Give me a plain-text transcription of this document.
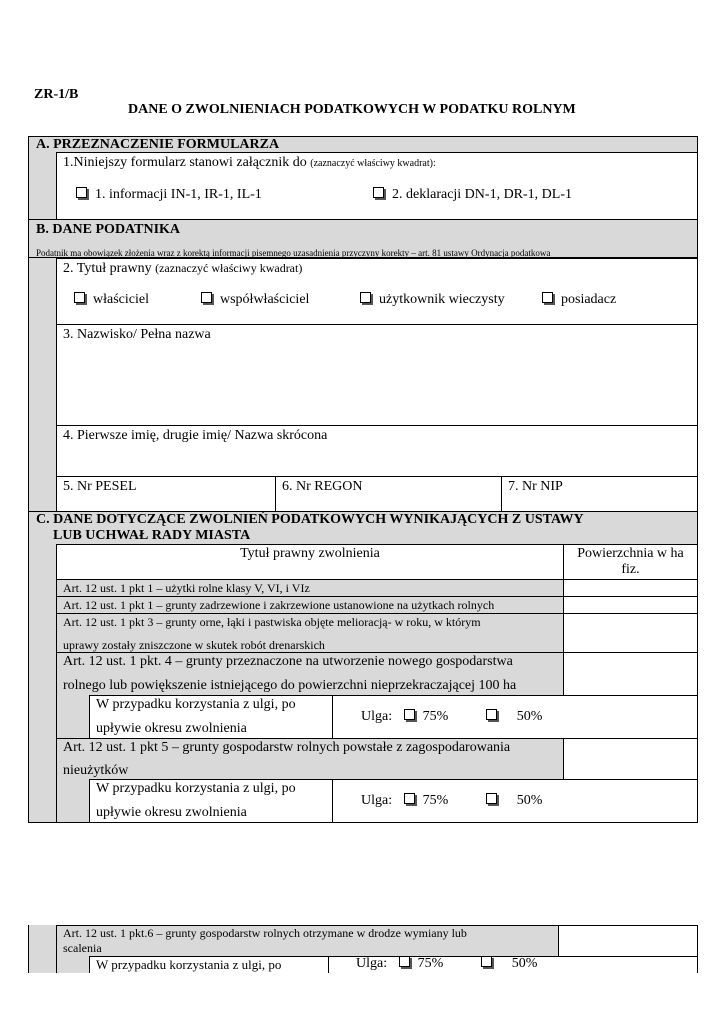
ZR-1/B
DANE O ZWOLNIENIACH PODATKOWYCH W PODATKU ROLNYM
A. PRZEZNACZENIE FORMULARZA
1.Niniejszy formularz stanowi załącznik do (zaznaczyć właściwy kwadrat):
1. informacji IN-1, IR-1, IL-1	2. deklaracji DN-1, DR-1, DL-1
B. DANE PODATNIKA
Podatnik ma obowiązek złożenia wraz z korektą informacji pisemnego uzasadnienia przyczyny korekty – art. 81 ustawy Ordynacja podatkowa
2. Tytuł prawny (zaznaczyć właściwy kwadrat)
właściciel	współwłaściciel	użytkownik wieczysty	posiadacz
3. Nazwisko/ Pełna nazwa
4. Pierwsze imię, drugie imię/ Nazwa skrócona
5. Nr PESEL	6. Nr REGON	7. Nr NIP
C. DANE DOTYCZĄCE ZWOLNIEŃ PODATKOWYCH WYNIKAJĄCYCH Z USTAWY
LUB UCHWAŁ RADY MIASTA
Tytuł prawny zwolnienia	Powierzchnia w ha
fiz.
Art. 12 ust. 1 pkt 1 – użytki rolne klasy V, VI, i VIz
Art. 12 ust. 1 pkt 1 – grunty zadrzewione i zakrzewione ustanowione na użytkach rolnych
Art. 12 ust. 1 pkt 3 – grunty orne, łąki i pastwiska objęte melioracją- w roku, w którym
uprawy zostały zniszczone w skutek robót drenarskich
Art. 12 ust. 1 pkt. 4 – grunty przeznaczone na utworzenie nowego gospodarstwa
rolnego lub powiększenie istniejącego do powierzchni nieprzekraczającej 100 ha
W przypadku korzystania z ulgi, po
upływie okresu zwolnienia
Ulga: 75%	50%
Art. 12 ust. 1 pkt 5 – grunty gospodarstw rolnych powstałe z zagospodarowania
nieużytków
W przypadku korzystania z ulgi, po
upływie okresu zwolnienia
Ulga: 75%	50%
Art. 12 ust. 1 pkt.6 – grunty gospodarstw rolnych otrzymane w drodze wymiany lub
scalenia
W przypadku korzystania z ulgi, po	Ulga: 75%	50%
